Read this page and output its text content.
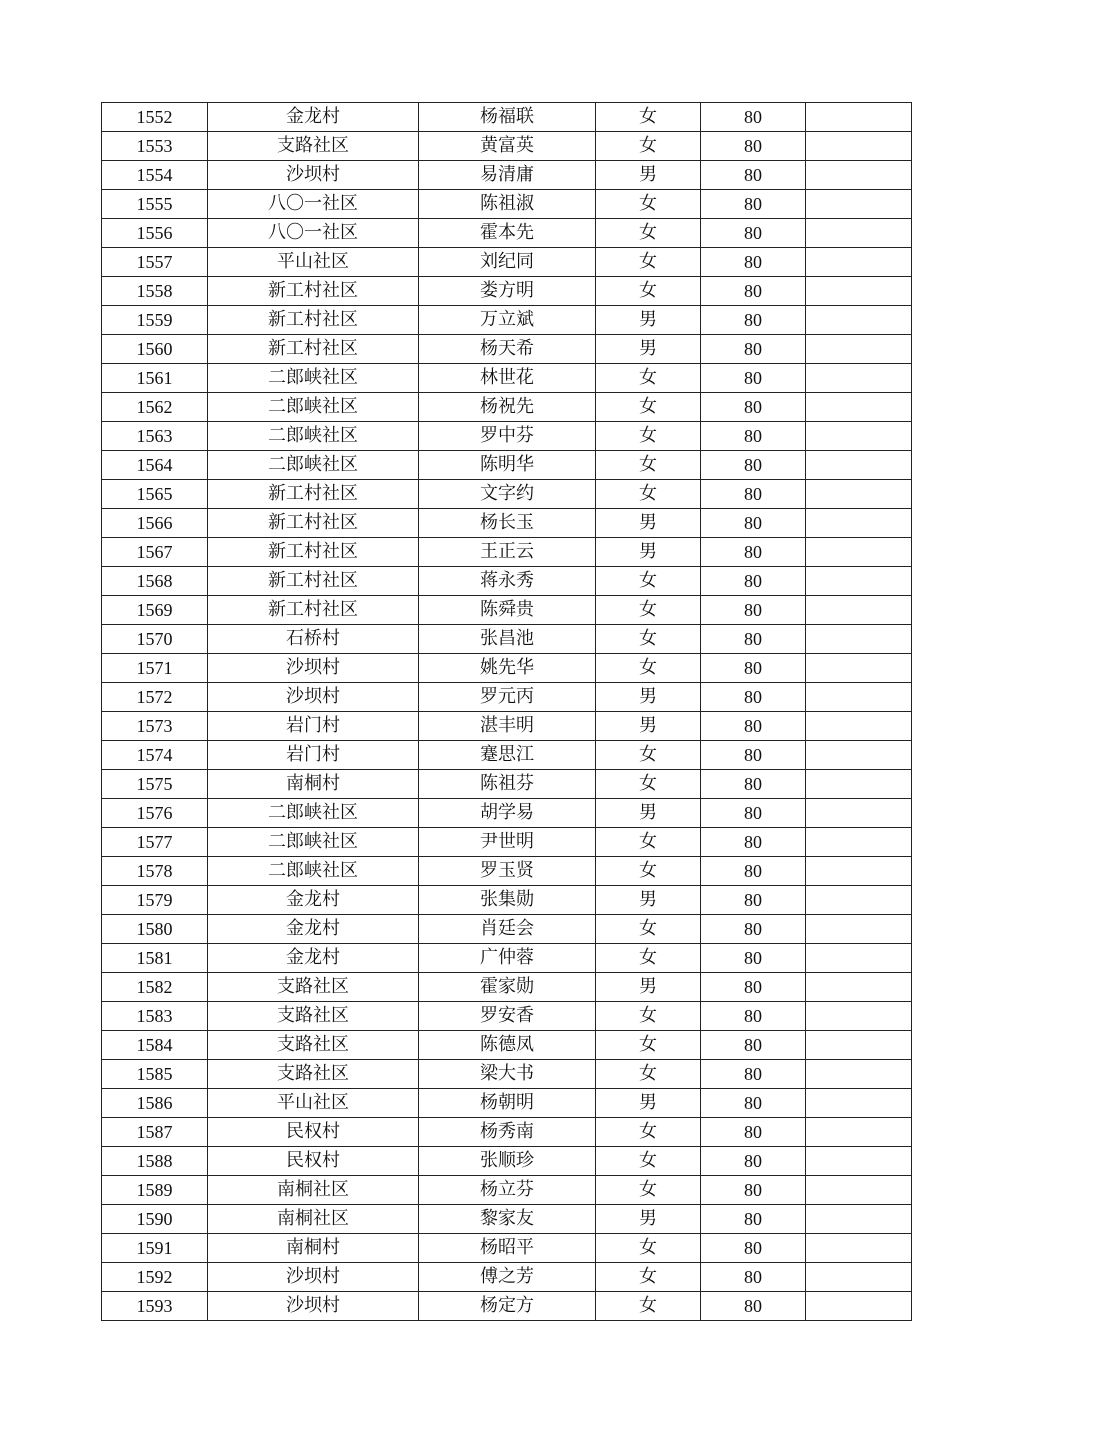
1552	金龙村	杨福联	女	80	
1553	支路社区	黄富英	女	80	
1554	沙坝村	易清庸	男	80	
1555	八〇一社区	陈祖淑	女	80	
1556	八〇一社区	霍本先	女	80	
1557	平山社区	刘纪同	女	80	
1558	新工村社区	娄方明	女	80	
1559	新工村社区	万立斌	男	80	
1560	新工村社区	杨天希	男	80	
1561	二郎峡社区	林世花	女	80	
1562	二郎峡社区	杨祝先	女	80	
1563	二郎峡社区	罗中芬	女	80	
1564	二郎峡社区	陈明华	女	80	
1565	新工村社区	文字约	女	80	
1566	新工村社区	杨长玉	男	80	
1567	新工村社区	王正云	男	80	
1568	新工村社区	蒋永秀	女	80	
1569	新工村社区	陈舜贵	女	80	
1570	石桥村	张昌池	女	80	
1571	沙坝村	姚先华	女	80	
1572	沙坝村	罗元丙	男	80	
1573	岩门村	湛丰明	男	80	
1574	岩门村	蹇思江	女	80	
1575	南桐村	陈祖芬	女	80	
1576	二郎峡社区	胡学易	男	80	
1577	二郎峡社区	尹世明	女	80	
1578	二郎峡社区	罗玉贤	女	80	
1579	金龙村	张集勋	男	80	
1580	金龙村	肖廷会	女	80	
1581	金龙村	广仲蓉	女	80	
1582	支路社区	霍家勋	男	80	
1583	支路社区	罗安香	女	80	
1584	支路社区	陈德凤	女	80	
1585	支路社区	梁大书	女	80	
1586	平山社区	杨朝明	男	80	
1587	民权村	杨秀南	女	80	
1588	民权村	张顺珍	女	80	
1589	南桐社区	杨立芬	女	80	
1590	南桐社区	黎家友	男	80	
1591	南桐村	杨昭平	女	80	
1592	沙坝村	傅之芳	女	80	
1593	沙坝村	杨定方	女	80	
